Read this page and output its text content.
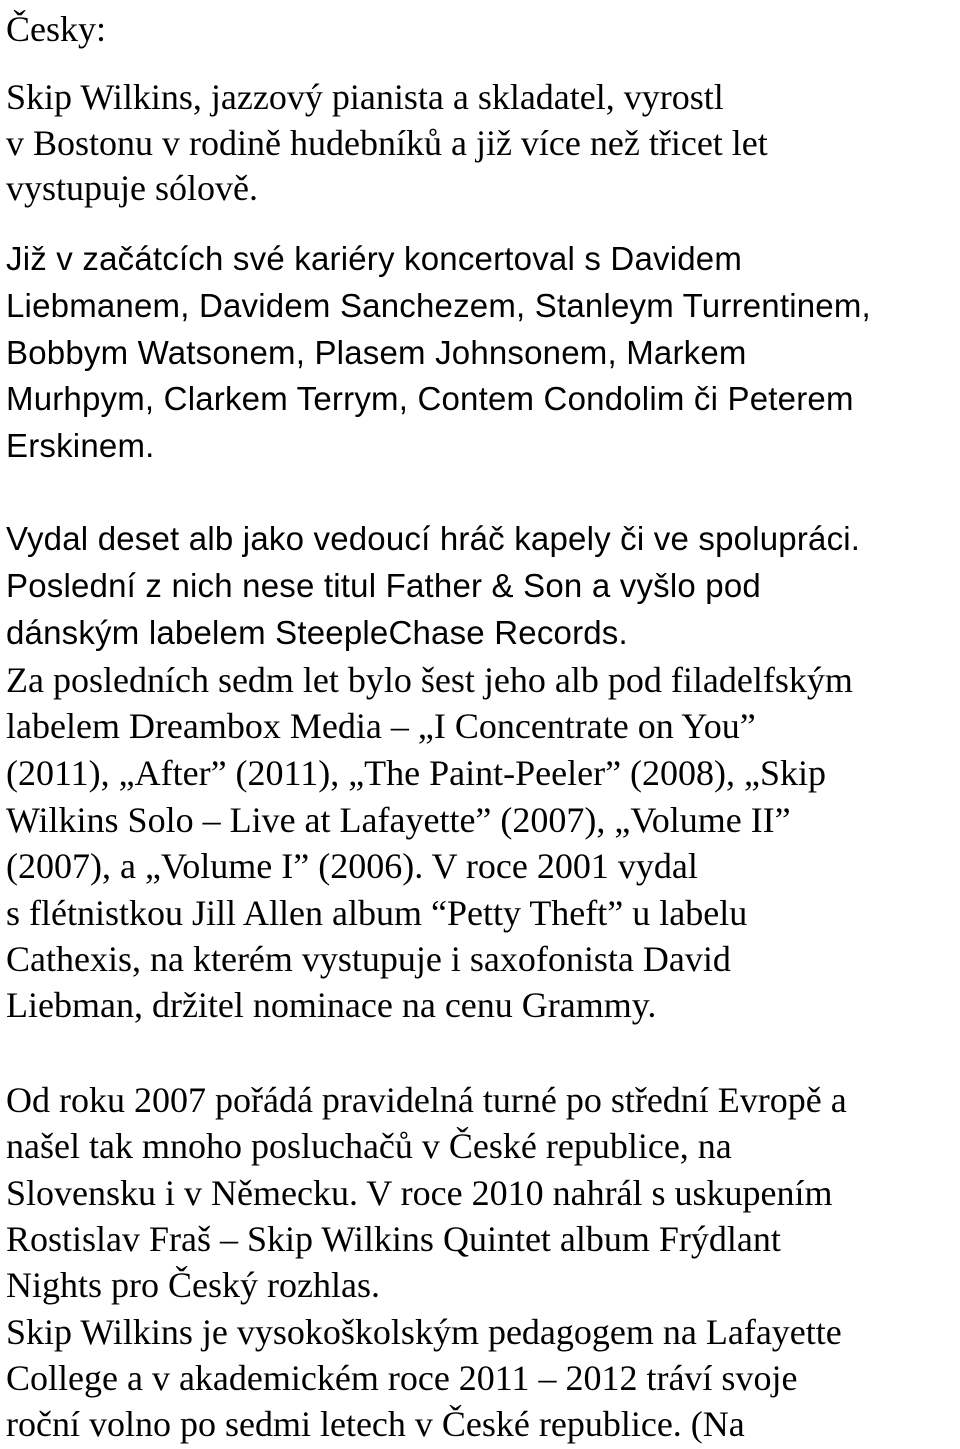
Česky:
Skip Wilkins, jazzový pianista a skladatel, vyrostl
v Bostonu v rodině hudebníků a již více než třicet let
vystupuje sólově.
Již v začátcích své kariéry koncertoval s Davidem
Liebmanem, Davidem Sanchezem, Stanleym Turrentinem,
Bobbym Watsonem, Plasem Johnsonem, Markem
Murhpym, Clarkem Terrym, Contem Condolim či Peterem
Erskinem.
Vydal deset alb jako vedoucí hráč kapely či ve spolupráci.
Poslední z nich nese titul Father & Son a vyšlo pod
dánským labelem SteepleChase Records.
Za posledních sedm let bylo šest jeho alb pod filadelfským
labelem Dreambox Media – „I Concentrate on You”
(2011), „After” (2011), „The Paint-Peeler” (2008), „Skip
Wilkins Solo – Live at Lafayette” (2007), „Volume II”
(2007), a „Volume I” (2006). V roce 2001 vydal
s flétnistkou Jill Allen album “Petty Theft” u labelu
Cathexis, na kterém vystupuje i saxofonista David
Liebman, držitel nominace na cenu Grammy.
Od roku 2007 pořádá pravidelná turné po střední Evropě a
našel tak mnoho posluchačů v České republice, na
Slovensku i v Německu. V roce 2010 nahrál s uskupením
Rostislav Fraš – Skip Wilkins Quintet album Frýdlant
Nights pro Český rozhlas.
Skip Wilkins je vysokoškolským pedagogem na Lafayette
College a v akademickém roce 2011 – 2012 tráví svoje
roční volno po sedmi letech v České republice. (Na
